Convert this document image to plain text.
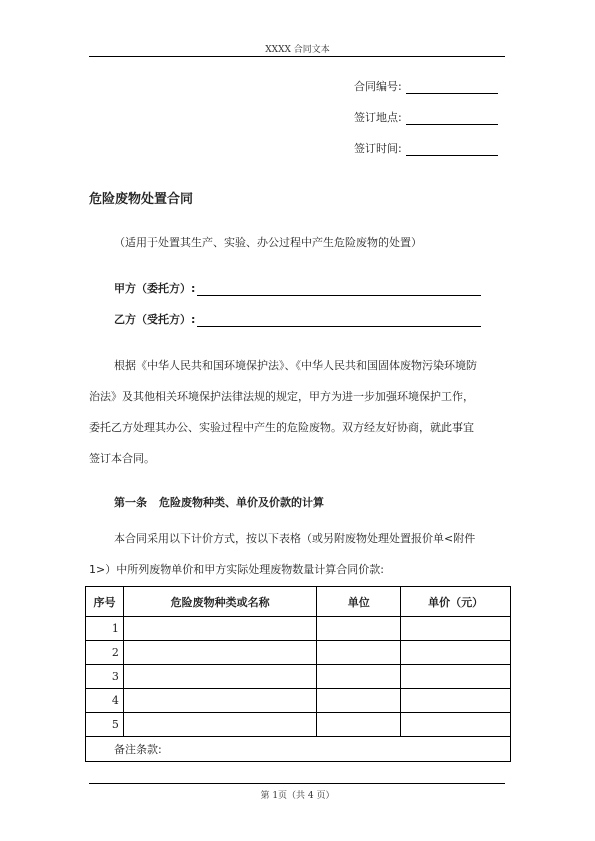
XXXX 合同文本
合同编号:
签订地点:
签订时间:
危险废物处置合同
（适用于处置其生产、实验、办公过程中产生危险废物的处置）
甲方（委托方）:
乙方（受托方）:

根据《中华人民共和国环境保护法》、《中华人民共和国固体废物污染环境防

治法》及其他相关环境保护法律法规的规定，甲方为进一步加强环境保护工作，

委托乙方处理其办公、实验过程中产生的危险废物。双方经友好协商，就此事宜

签订本合同。

第一条 危险废物种类、单价及价款的计算

本合同采用以下计价方式，按以下表格（或另附废物处理处置报价单<附件

1>）中所列废物单价和甲方实际处理废物数量计算合同价款:

序号	危险废物种类或名称	单位	单价（元）
1			
2			
3			
4			
5			
备注条款:			
第 1页（共 4 页）
